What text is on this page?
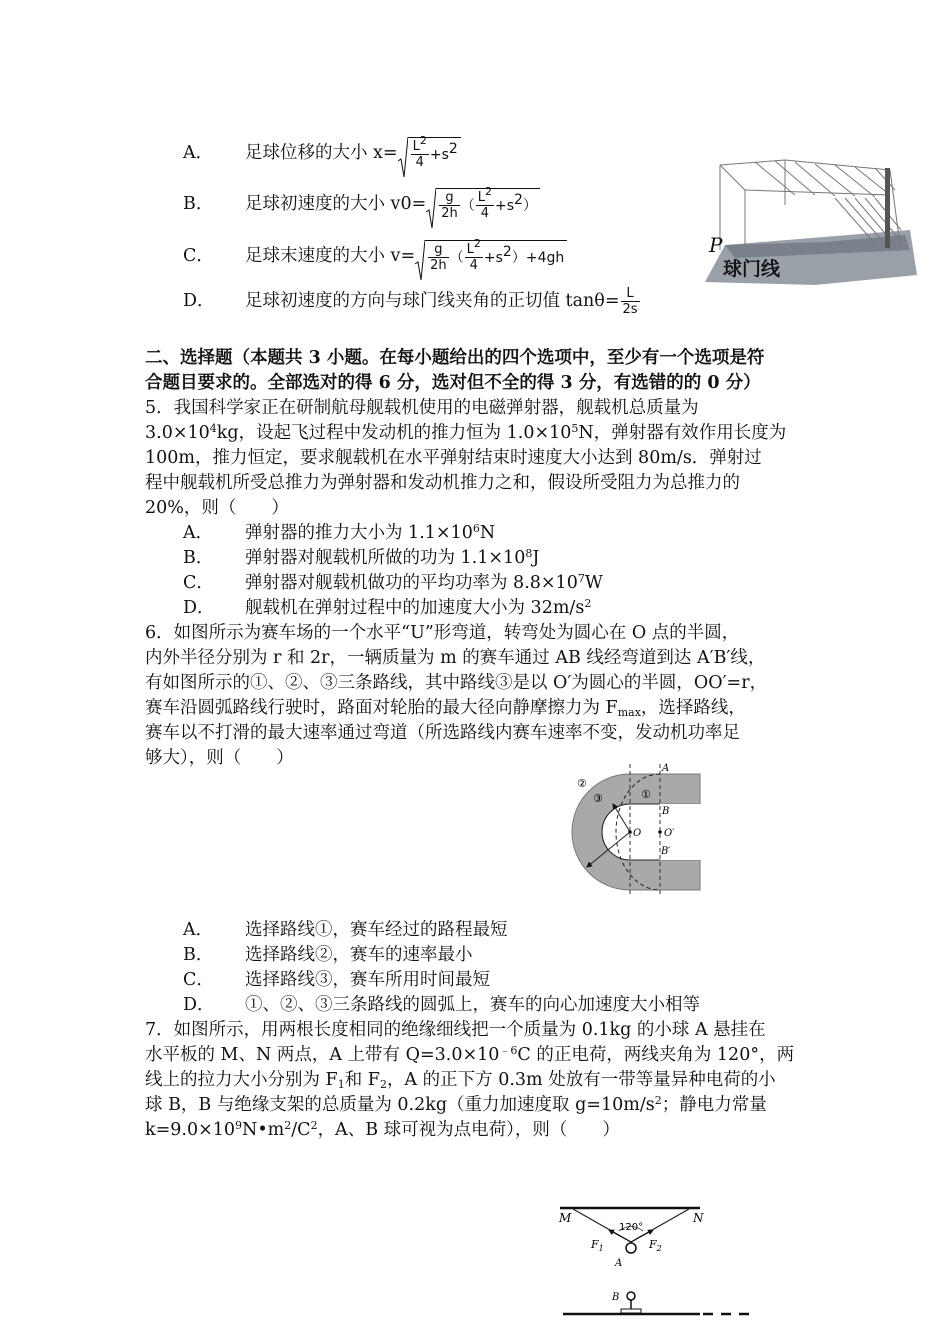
A． 足球位移的大小 $x= \frac{L^2}{4} +s^2$
B． 足球初速度的大小 $v0= \frac{g}{2h}$ （ $\frac{L^2}{4} +s^2$）
C． 足球末速度的大小 $v= \frac{g}{2h}$ （ $\frac{L^2}{4} +s^2)+4gh$
D． 足球初速度的方向与球门线夹角的正切值 $\tan\theta= \frac{L}{2s}$
P
球门线
二、选择题（本题共 3 小题。在每小题给出的四个选项中，至少有一个选项是符
合题目要求的。全部选对的得 6 分，选对但不全的得 3 分，有选错的的 0 分）
5．我国科学家正在研制航母舰载机使用的电磁弹射器，舰载机总质量为
$3.0\times 10^4kg$，设起飞过程中发动机的推力恒为 $1.0\times 10^5N$，弹射器有效作用长度为
100m，推力恒定，要求舰载机在水平弹射结束时速度大小达到 80m/s．弹射过
程中舰载机所受总推力为弹射器和发动机推力之和，假设所受阻力为总推力的
20%，则（　　）
A． 弹射器的推力大小为 $1.1\times 10^6N$
B． 弹射器对舰载机所做的功为 $1.1\times 10^8J$
C． 弹射器对舰载机做功的平均功率为 $8.8\times 10^7W$
D． 舰载机在弹射过程中的加速度大小为 $32m/s^2$
6．如图所示为赛车场的一个水平“U”形弯道，转弯处为圆心在 O 点的半圆，
内外半径分别为 r 和 2r，一辆质量为 m 的赛车通过 AB 线经弯道到达 A′B′线，
有如图所示的①、②、③三条路线，其中路线③是以 O′为圆心的半圆，OO′=r，
赛车沿圆弧路线行驶时，路面对轮胎的最大径向静摩擦力为 $F_{max}$，选择路线，
赛车以不打滑的最大速率通过弯道（所选路线内赛车速率不变，发动机功率足
够大），则（　　）
②
③	①
A
B
O O′
B′
A． 选择路线①，赛车经过的路程最短
B． 选择路线②，赛车的速率最小
C． 选择路线③，赛车所用时间最短
D． ①、②、③三条路线的圆弧上，赛车的向心加速度大小相等
7．如图所示，用两根长度相同的绝缘细线把一个质量为 0.1kg 的小球 A 悬挂在
水平板的 M、N 两点，A 上带有 $Q=3.0\times 10^{﹣6}C$ 的正电荷，两线夹角为 120°，两
线上的拉力大小分别为 $F_1$和 $F_2$，A 的正下方 0.3m 处放有一带等量异种电荷的小
球 B，B 与绝缘支架的总质量为 0.2kg（重力加速度取 $g=10m/s^2$；静电力常量
$k=9.0\times 10^9N•m^2/C^2$，A、B 球可视为点电荷），则（　　）
M	N
120°
$F_1$	$F_2$
A
B
